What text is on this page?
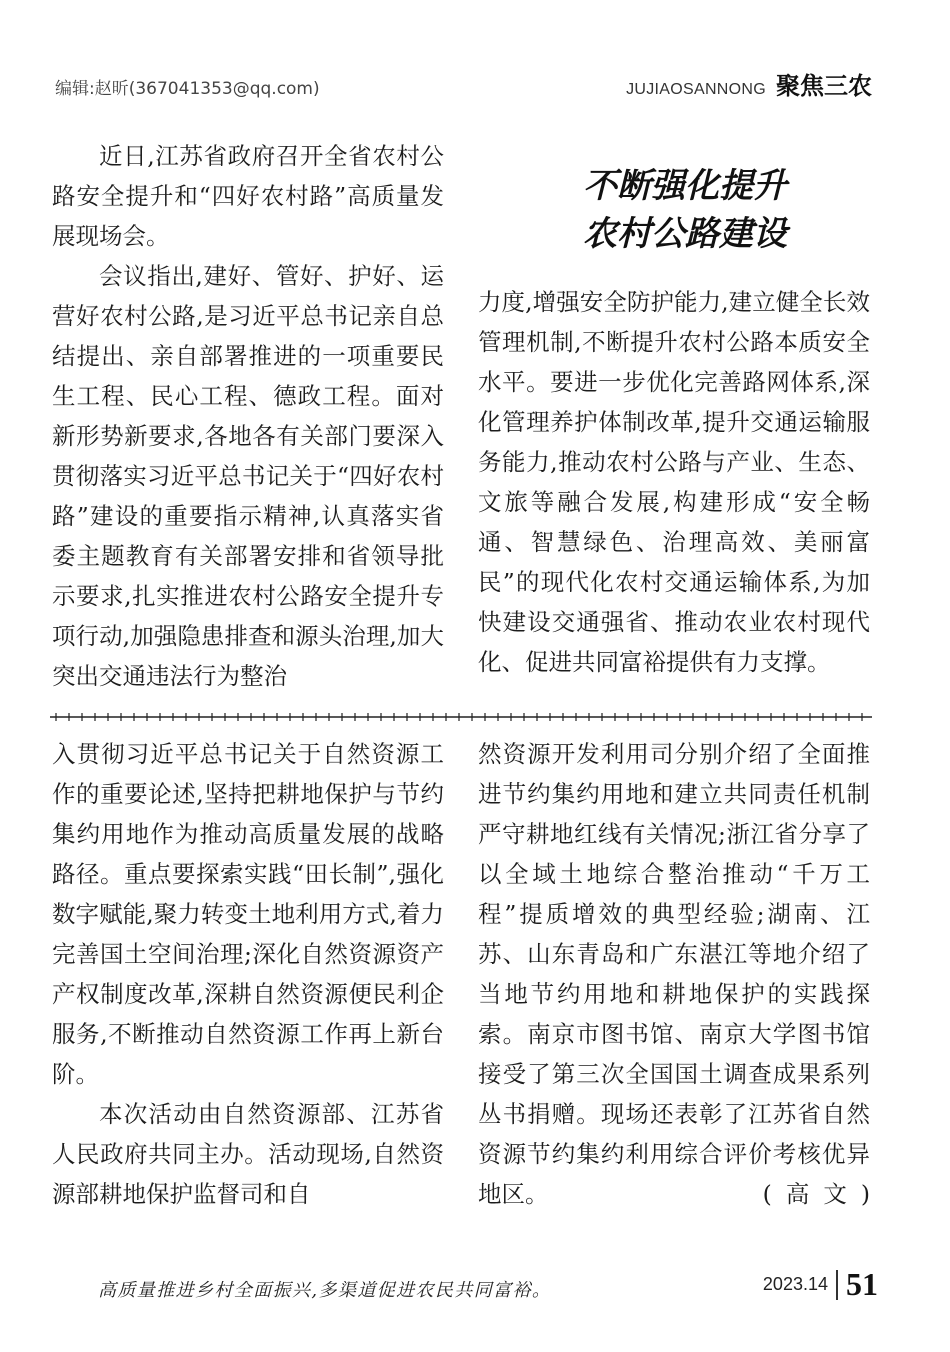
编辑:赵昕(367041353@qq.com)	JUJIAOSANNONG 聚焦三农

近日,江苏省政府召开全省农村公路安全提升和“四好农村路”高质量发展现场会。

会议指出,建好、管好、护好、运营好农村公路,是习近平总书记亲自总结提出、亲自部署推进的一项重要民生工程、民心工程、德政工程。面对新形势新要求,各地各有关部门要深入贯彻落实习近平总书记关于“四好农村路”建设的重要指示精神,认真落实省委主题教育有关部署安排和省领导批示要求,扎实推进农村公路安全提升专项行动,加强隐患排查和源头治理,加大突出交通违法行为整治

不断强化提升
农村公路建设

力度,增强安全防护能力,建立健全长效管理机制,不断提升农村公路本质安全水平。要进一步优化完善路网体系,深化管理养护体制改革,提升交通运输服务能力,推动农村公路与产业、生态、文旅等融合发展,构建形成“安全畅通、智慧绿色、治理高效、美丽富民”的现代化农村交通运输体系,为加快建设交通强省、推动农业农村现代化、促进共同富裕提供有力支撑。

入贯彻习近平总书记关于自然资源工作的重要论述,坚持把耕地保护与节约集约用地作为推动高质量发展的战略路径。重点要探索实践“田长制”,强化数字赋能,聚力转变土地利用方式,着力完善国土空间治理;深化自然资源资产产权制度改革,深耕自然资源便民利企服务,不断推动自然资源工作再上新台阶。

本次活动由自然资源部、江苏省人民政府共同主办。活动现场,自然资源部耕地保护监督司和自

然资源开发利用司分别介绍了全面推进节约集约用地和建立共同责任机制严守耕地红线有关情况;浙江省分享了以全域土地综合整治推动“千万工程”提质增效的典型经验;湖南、江苏、山东青岛和广东湛江等地介绍了当地节约用地和耕地保护的实践探索。南京市图书馆、南京大学图书馆接受了第三次全国国土调查成果系列丛书捐赠。现场还表彰了江苏省自然资源节约集约利用综合评价考核优异地区。	(高文)

高质量推进乡村全面振兴,多渠道促进农民共同富裕。	2023.14 51
